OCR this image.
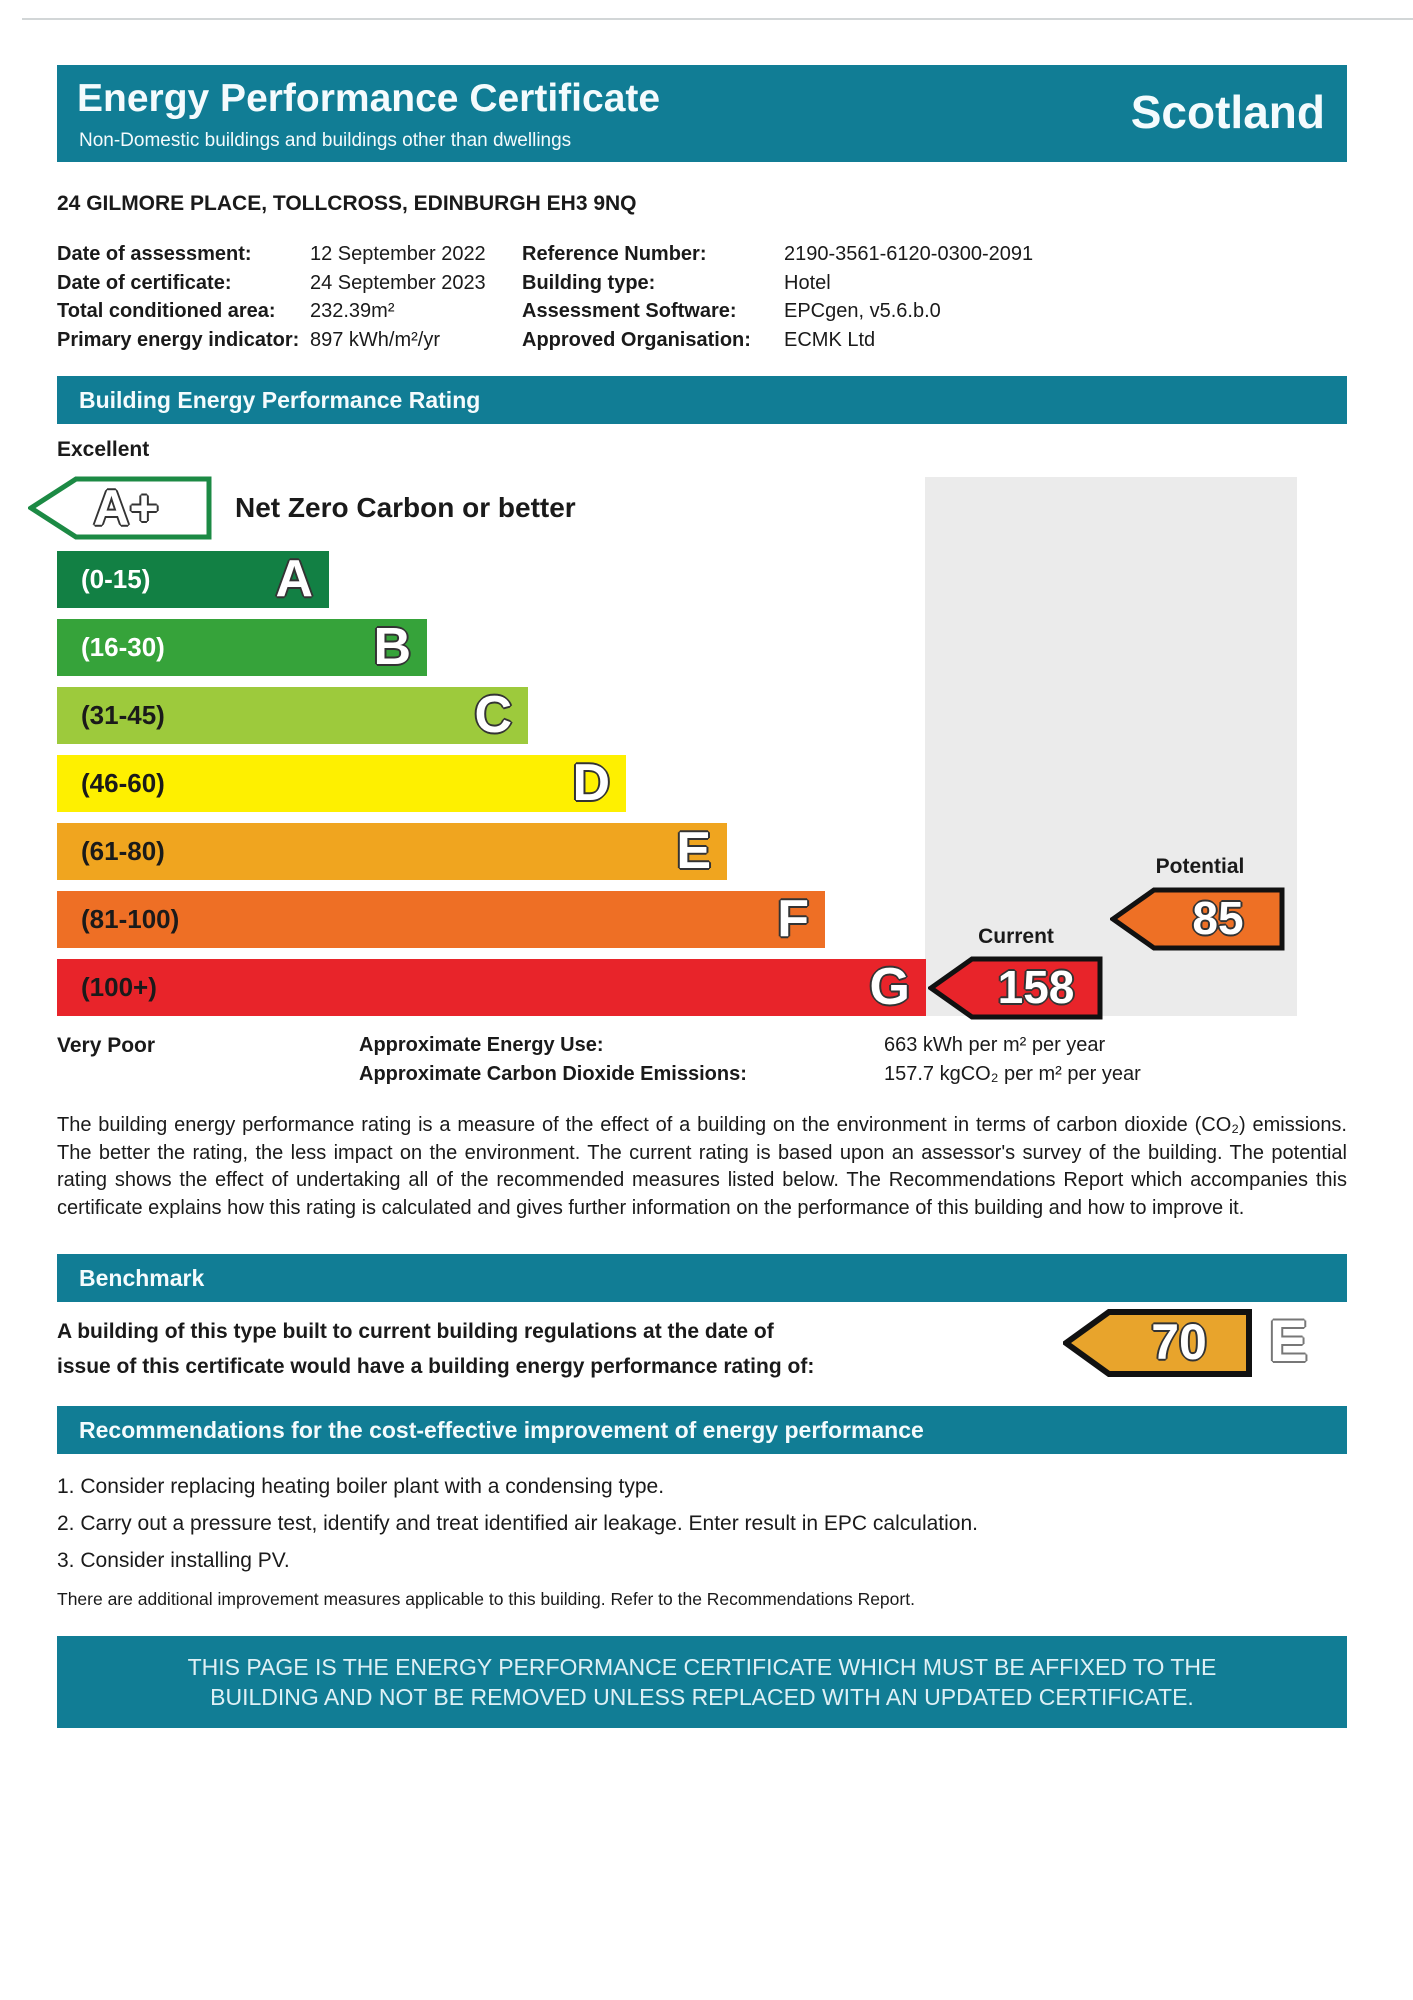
Energy Performance Certificate
Non-Domestic buildings and buildings other than dwellings
Scotland
24 GILMORE PLACE, TOLLCROSS, EDINBURGH EH3 9NQ
Date of assessment:	12 September 2022	Reference Number:	2190-3561-6120-0300-2091
Date of certificate:	24 September 2023	Building type:	Hotel
Total conditioned area:	232.39m²	Assessment Software:	EPCgen, v5.6.b.0
Primary energy indicator: 897 kWh/m²/yr	Approved Organisation:	ECMK Ltd
Building Energy Performance Rating
Excellent
A+	Net Zero Carbon or better
(0-15) A
(16-30)	B
(31-45)	C
(46-60)	D
(61-80)	E
(81-100)	F
(100+)	G
Potential
85
Current
158
Very Poor	Approximate Energy Use:	663 kWh per m² per year
Approximate Carbon Dioxide Emissions:	157.7 kgCO₂ per m² per year
The building energy performance rating is a measure of the effect of a building on the environment in terms of carbon dioxide (CO₂) emissions. The better the rating, the less impact on the environment. The current rating is based upon an assessor's survey of the building. The potential rating shows the effect of undertaking all of the recommended measures listed below. The Recommendations Report which accompanies this certificate explains how this rating is calculated and gives further information on the performance of this building and how to improve it.
Benchmark
A building of this type built to current building regulations at the date of
issue of this certificate would have a building energy performance rating of:	70	E
Recommendations for the cost-effective improvement of energy performance
1. Consider replacing heating boiler plant with a condensing type.
2. Carry out a pressure test, identify and treat identified air leakage. Enter result in EPC calculation.
3. Consider installing PV.
There are additional improvement measures applicable to this building. Refer to the Recommendations Report.
THIS PAGE IS THE ENERGY PERFORMANCE CERTIFICATE WHICH MUST BE AFFIXED TO THE
BUILDING AND NOT BE REMOVED UNLESS REPLACED WITH AN UPDATED CERTIFICATE.
